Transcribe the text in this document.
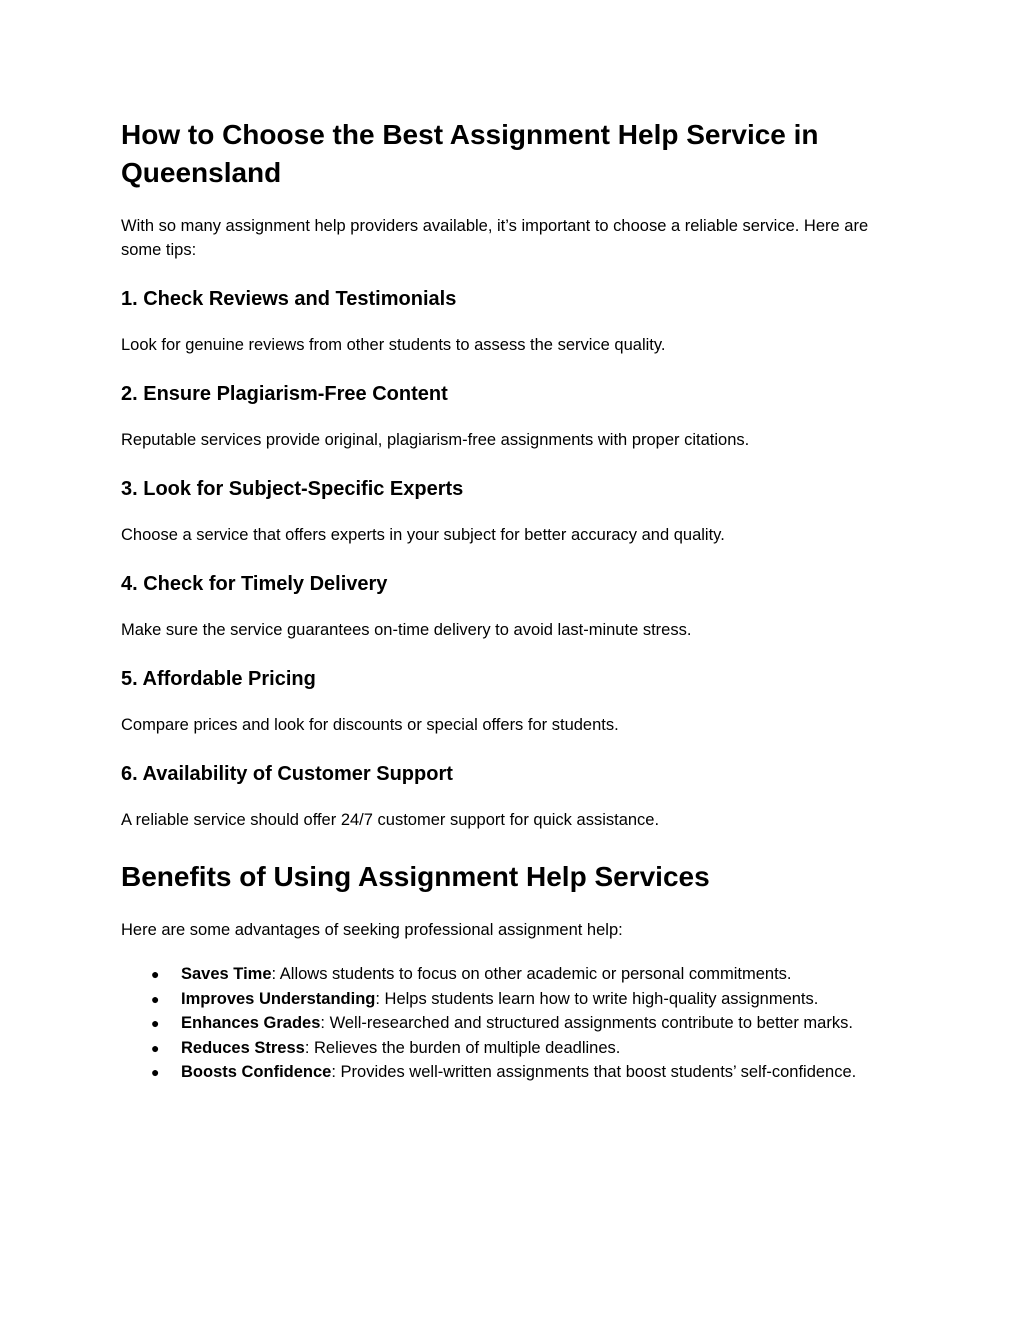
How to Choose the Best Assignment Help Service in Queensland

With so many assignment help providers available, it’s important to choose a reliable service. Here are some tips:

1. Check Reviews and Testimonials

Look for genuine reviews from other students to assess the service quality.

2. Ensure Plagiarism-Free Content

Reputable services provide original, plagiarism-free assignments with proper citations.

3. Look for Subject-Specific Experts

Choose a service that offers experts in your subject for better accuracy and quality.

4. Check for Timely Delivery

Make sure the service guarantees on-time delivery to avoid last-minute stress.

5. Affordable Pricing

Compare prices and look for discounts or special offers for students.

6. Availability of Customer Support

A reliable service should offer 24/7 customer support for quick assistance.

Benefits of Using Assignment Help Services

Here are some advantages of seeking professional assignment help:

● Saves Time: Allows students to focus on other academic or personal commitments.
● Improves Understanding: Helps students learn how to write high-quality assignments.
● Enhances Grades: Well-researched and structured assignments contribute to better marks.
● Reduces Stress: Relieves the burden of multiple deadlines.
● Boosts Confidence: Provides well-written assignments that boost students’ self-confidence.
